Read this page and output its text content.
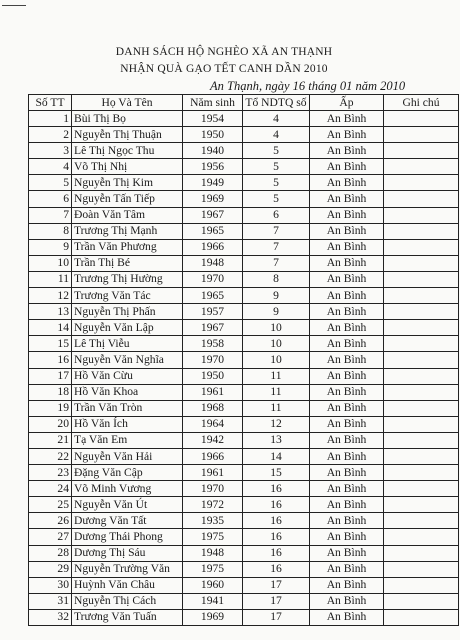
DANH SÁCH HỘ NGHÈO XÃ AN THẠNH
NHẬN QUÀ GẠO TẾT CANH DẦN 2010
An Thạnh, ngày 16 tháng 01 năm 2010
Số TT	Họ Và Tên	Năm sinh	Tổ NDTQ số	Ấp	Ghi chú
1	Bùi Thị Bọ	1954	4	An Bình	
2	Nguyễn Thị Thuận	1950	4	An Bình	
3	Lê Thị Ngọc Thu	1940	5	An Bình	
4	Võ Thị Nhị	1956	5	An Bình	
5	Nguyễn Thị Kim	1949	5	An Bình	
6	Nguyễn Tấn Tiếp	1969	5	An Bình	
7	Đoàn Văn Tâm	1967	6	An Bình	
8	Trương Thị Mạnh	1965	7	An Bình	
9	Trần Văn Phương	1966	7	An Bình	
10	Trần Thị Bé	1948	7	An Bình	
11	Trương Thị Hường	1970	8	An Bình	
12	Trương Văn Tác	1965	9	An Bình	
13	Nguyễn Thị Phấn	1957	9	An Bình	
14	Nguyễn Văn Lập	1967	10	An Bình	
15	Lê Thị Viễu	1958	10	An Bình	
16	Nguyễn Văn Nghĩa	1970	10	An Bình	
17	Hồ Văn Cừu	1950	11	An Bình	
18	Hồ Văn Khoa	1961	11	An Bình	
19	Trần Văn Tròn	1968	11	An Bình	
20	Hồ Văn Ích	1964	12	An Bình	
21	Tạ Văn Em	1942	13	An Bình	
22	Nguyễn Văn Hải	1966	14	An Bình	
23	Đặng Văn Cập	1961	15	An Bình	
24	Võ Minh Vương	1970	16	An Bình	
25	Nguyễn Văn Út	1972	16	An Bình	
26	Dương Văn Tất	1935	16	An Bình	
27	Dương Thái Phong	1975	16	An Bình	
28	Dương Thị Sáu	1948	16	An Bình	
29	Nguyễn Trường Văn	1975	16	An Bình	
30	Huỳnh Văn Châu	1960	17	An Bình	
31	Nguyễn Thị Cách	1941	17	An Bình	
32	Trương Văn Tuấn	1969	17	An Bình	
